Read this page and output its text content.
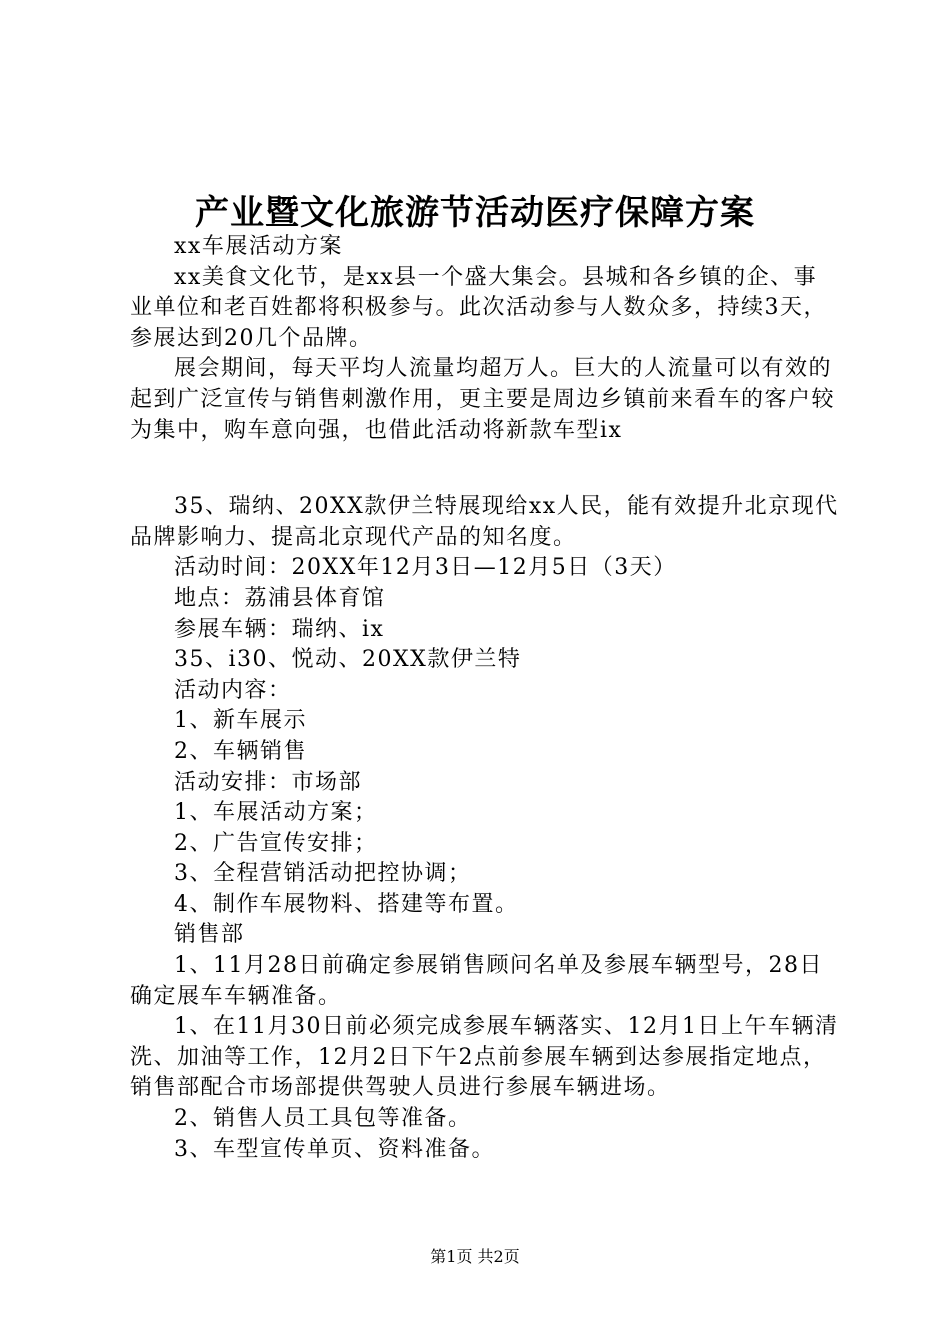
产业暨文化旅游节活动医疗保障方案

xx车展活动方案

xx美食文化节，是xx县一个盛大集会。县城和各乡镇的企、事业单位和老百姓都将积极参与。此次活动参与人数众多，持续3天，参展达到20几个品牌。

展会期间，每天平均人流量均超万人。巨大的人流量可以有效的起到广泛宣传与销售刺激作用，更主要是周边乡镇前来看车的客户较为集中，购车意向强，也借此活动将新款车型ix

35、瑞纳、20XX款伊兰特展现给xx人民，能有效提升北京现代品牌影响力、提高北京现代产品的知名度。

活动时间：20XX年12月3日—12月5日（3天）

地点：荔浦县体育馆

参展车辆：瑞纳、ix

35、i30、悦动、20XX款伊兰特

活动内容：

1、新车展示

2、车辆销售

活动安排：市场部

1、车展活动方案；

2、广告宣传安排；

3、全程营销活动把控协调；

4、制作车展物料、搭建等布置。

销售部

1、11月28日前确定参展销售顾问名单及参展车辆型号，28日确定展车车辆准备。

1、在11月30日前必须完成参展车辆落实、12月1日上午车辆清洗、加油等工作，12月2日下午2点前参展车辆到达参展指定地点，销售部配合市场部提供驾驶人员进行参展车辆进场。

2、销售人员工具包等准备。

3、车型宣传单页、资料准备。

第1页 共2页
